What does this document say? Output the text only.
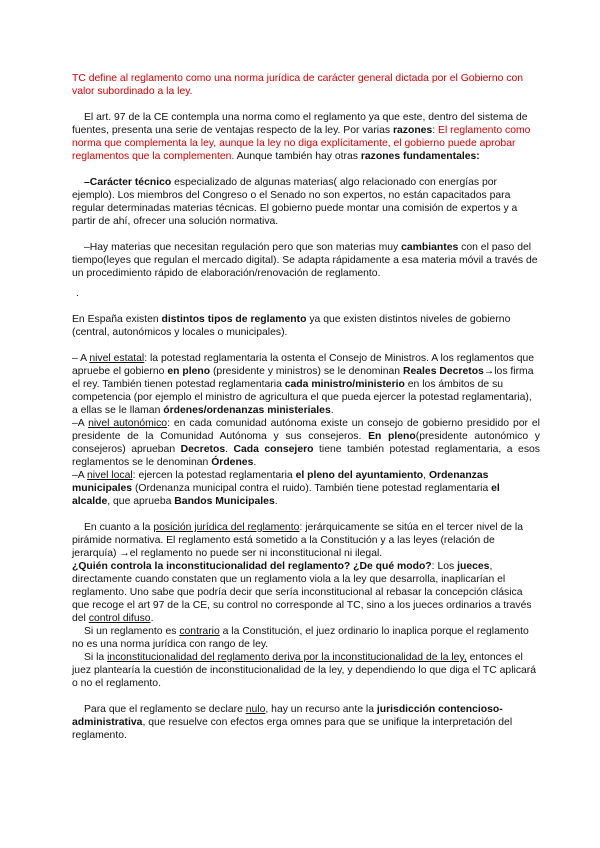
TC define al reglamento como una norma jurídica de carácter general dictada por el Gobierno con valor subordinado a la ley.

El art. 97 de la CE contempla una norma como el reglamento ya que este, dentro del sistema de fuentes, presenta una serie de ventajas respecto de la ley. Por varias razones: El reglamento como norma que complementa la ley, aunque la ley no diga explícitamente, el gobierno puede aprobar reglamentos que la complementen. Aunque también hay otras razones fundamentales:

–Carácter técnico especializado de algunas materias( algo relacionado con energías por ejemplo). Los miembros del Congreso o el Senado no son expertos, no están capacitados para regular determinadas materias técnicas. El gobierno puede montar una comisión de expertos y a partir de ahí, ofrecer una solución normativa.

–Hay materias que necesitan regulación pero que son materias muy cambiantes con el paso del tiempo(leyes que regulan el mercado digital). Se adapta rápidamente a esa materia móvil a través de un procedimiento rápido de elaboración/renovación de reglamento.

.

En España existen distintos tipos de reglamento ya que existen distintos niveles de gobierno (central, autonómicos y locales o municipales).

– A nivel estatal: la potestad reglamentaria la ostenta el Consejo de Ministros. A los reglamentos que apruebe el gobierno en pleno (presidente y ministros) se le denominan Reales Decretos→los firma el rey. También tienen potestad reglamentaria cada ministro/ministerio en los ámbitos de su competencia (por ejemplo el ministro de agricultura el que pueda ejercer la potestad reglamentaria), a ellas se le llaman órdenes/ordenanzas ministeriales.

–A nivel autonómico: en cada comunidad autónoma existe un consejo de gobierno presidido por el presidente de la Comunidad Autónoma y sus consejeros. En pleno(presidente autonómico y consejeros) aprueban Decretos. Cada consejero tiene también potestad reglamentaria, a esos reglamentos se le denominan Órdenes.

–A nivel local: ejercen la potestad reglamentaria el pleno del ayuntamiento, Ordenanzas municipales (Ordenanza municipal contra el ruido). También tiene potestad reglamentaria el alcalde, que aprueba Bandos Municipales.

En cuanto a la posición jurídica del reglamento: jerárquicamente se sitúa en el tercer nivel de la pirámide normativa. El reglamento está sometido a la Constitución y a las leyes (relación de jerarquía) →el reglamento no puede ser ni inconstitucional ni ilegal.

¿Quién controla la inconstitucionalidad del reglamento? ¿De qué modo?: Los jueces, directamente cuando constaten que un reglamento viola a la ley que desarrolla, inaplicarían el reglamento. Uno sabe que podría decir que sería inconstitucional al rebasar la concepción clásica que recoge el art 97 de la CE, su control no corresponde al TC, sino a los jueces ordinarios a través del control difuso.

Si un reglamento es contrario a la Constitución, el juez ordinario lo inaplica porque el reglamento no es una norma jurídica con rango de ley.

Si la inconstitucionalidad del reglamento deriva por la inconstitucionalidad de la ley, entonces el juez plantearía la cuestión de inconstitucionalidad de la ley, y dependiendo lo que diga el TC aplicará o no el reglamento.

Para que el reglamento se declare nulo, hay un recurso ante la jurisdicción contencioso-administrativa, que resuelve con efectos erga omnes para que se unifique la interpretación del reglamento.
